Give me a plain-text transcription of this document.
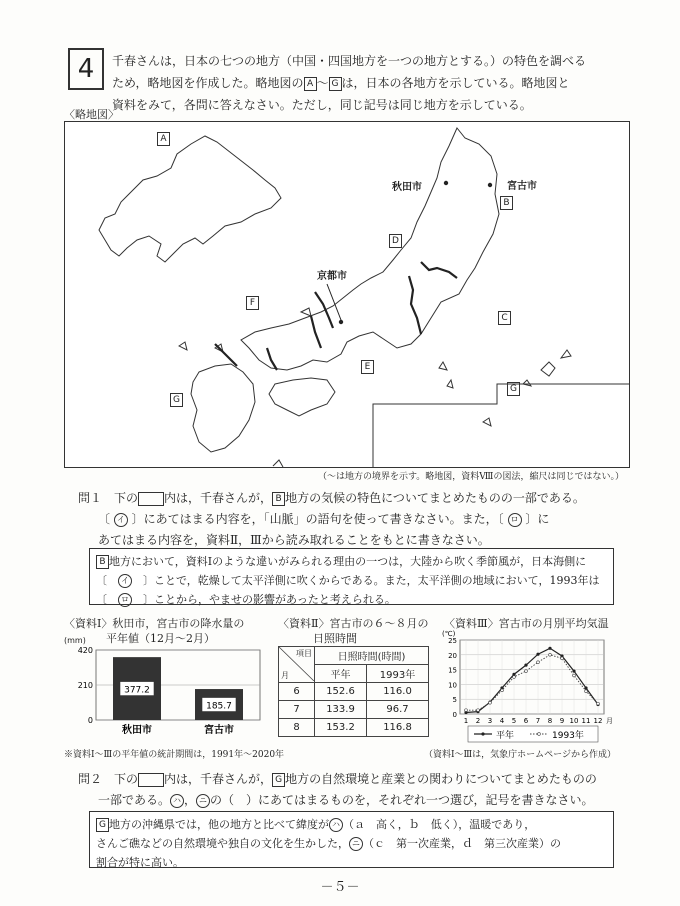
4	千春さんは，日本の七つの地方（中国・四国地方を一つの地方とする。）の特色を調べる

ため，略地図を作成した。略地図の A ～ G は，日本の各地方を示している。略地図と

資料をみて，各問に答えなさい。ただし，同じ記号は同じ地方を示している。

〈略地図〉
A
B
C
D
E
F
G
G
秋田市	宮古市
京都市
（〜は地方の境界を示す。略地図，資料Ⅷの図法，縮尺は同じではない。）
問１　 下の 内は，千春さんが， B 地方の気候の特色についてまとめたものの一部である。
〔 イ 〕にあてはまる内容を，「山脈」の語句を使って書きなさい。また，〔 ロ 〕に
あてはまる内容を，資料Ⅱ，Ⅲから読み取れることをもとに書きなさい。

B 地方において，資料Ⅰのような違いがみられる理由の一つは，大陸から吹く季節風が，日本海側に

〔　 イ　 〕ことで，乾燥して太平洋側に吹くからである。また，太平洋側の地域において，1993年は

〔　 ロ　 〕ことから，やませの影響があったと考えられる。

〈資料Ⅰ〉秋田市，宮古市の降水量の
平年値（12月～2月）
(mm)
0
210
420
377.2
秋田市
185.7
宮古市
〈資料Ⅱ〉宮古市の６～８月の
日照時間
項目
月	日照時間(時間)	
	平年	1993年
6	152.6	116.0
7	133.9	96.7
8	153.2	116.8
〈資料Ⅲ〉宮古市の月別平均気温
(℃)
0
5
10
15
20
25
1 2 3 4 5 6 7 8 9 10 11 12 月
平年	1993年
※資料Ⅰ～Ⅲの平年値の統計期間は，1991年～2020年	（資料Ⅰ～Ⅲは，気象庁ホームページから作成）
問２　 下の 内は，千春さんが， G 地方の自然環境と産業との関わりについてまとめたものの
一部である。 ハ ， ニ の（　）にあてはまるものを，それぞれ一つ選び，記号を書きなさい。

G 地方の沖縄県では，他の地方と比べて緯度が ハ （ａ　高く，ｂ　低く），温暖であり，

さんご礁などの自然環境や独自の文化を生かした， ニ （ｃ　第一次産業，ｄ　第三次産業）の

割合が特に高い。

－５－
